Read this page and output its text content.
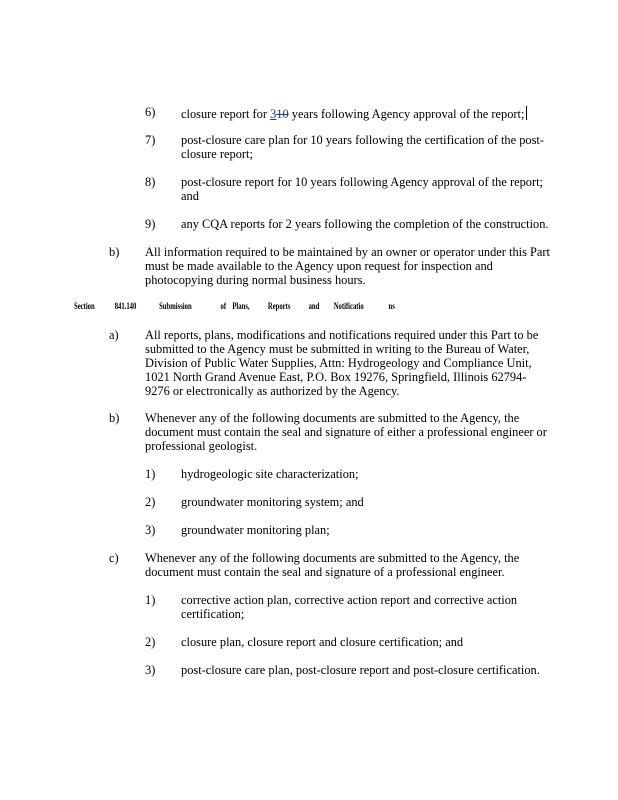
6) closure report for 310 years following Agency approval of the report;
7) post-closure care plan for 10 years following the certification of the post-
closure report;
8) post-closure report for 10 years following Agency approval of the report;
and
9) any CQA reports for 2 years following the completion of the construction.
b) All information required to be maintained by an owner or operator under this Part
must be made available to the Agency upon request for inspection and
photocopying during normal business hours.
Section 841.140	Submission	of Plans, Reports and Notificatio	ns
a) All reports, plans, modifications and notifications required under this Part to be
submitted to the Agency must be submitted in writing to the Bureau of Water,
Division of Public Water Supplies, Attn: Hydrogeology and Compliance Unit,
1021 North Grand Avenue East, P.O. Box 19276, Springfield, Illinois 62794-
9276 or electronically as authorized by the Agency.
b) Whenever any of the following documents are submitted to the Agency, the
document must contain the seal and signature of either a professional engineer or
professional geologist.
1) hydrogeologic site characterization;
2) groundwater monitoring system; and
3) groundwater monitoring plan;
c) Whenever any of the following documents are submitted to the Agency, the
document must contain the seal and signature of a professional engineer.
1) corrective action plan, corrective action report and corrective action
certification;
2) closure plan, closure report and closure certification; and
3) post-closure care plan, post-closure report and post-closure certification.
